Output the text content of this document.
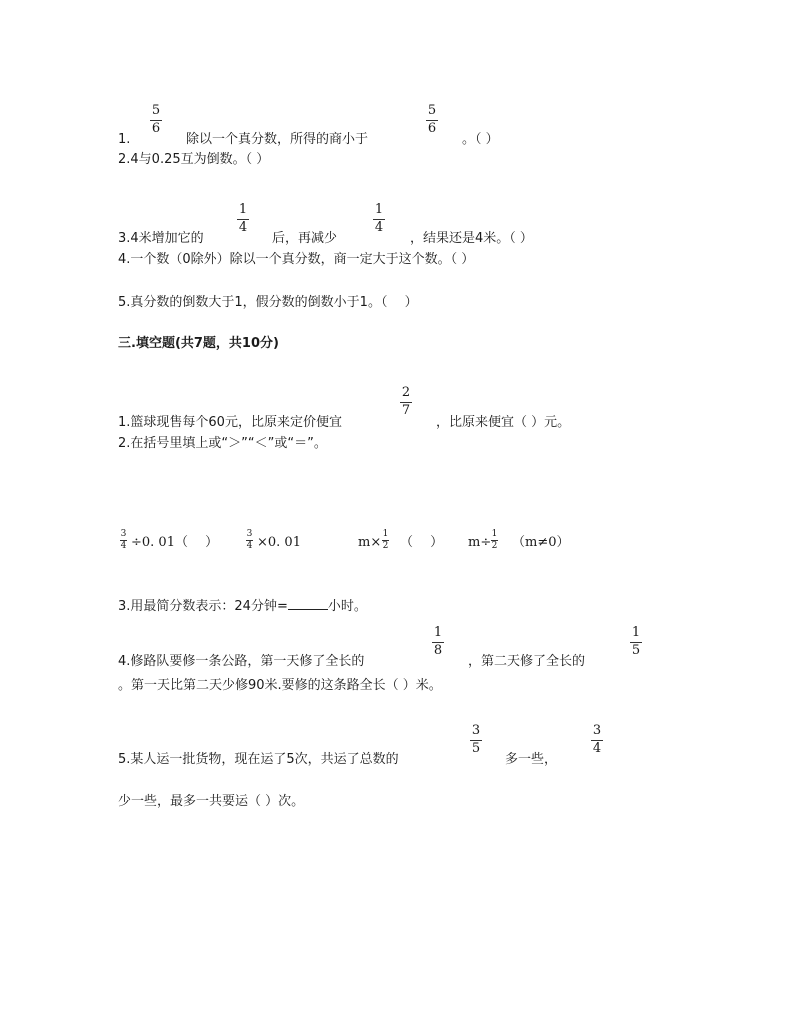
1.
5
6
除以一个真分数，所得的商小于
5
6
。（ ）
2.4与0.25互为倒数。（ ）
3.4米增加它的
1
4
后，再减少
1
4
，结果还是4米。（ ）
4.一个数（0除外）除以一个真分数，商一定大于这个数。（ ）
5.真分数的倒数大于1，假分数的倒数小于1。（　 ）
三.填空题(共7题，共10分)
1.篮球现售每个60元，比原来定价便宜
2
7
，比原来便宜（ ）元。
2.在括号里填上或“＞”“＜”或“＝”。
3
4 ÷0. 01（　 ）
3
4 ×0. 01	m×
1
2 （　 ） m÷
1
2 （m≠0）
3.用最简分数表示：24分钟=	小时。
4.修路队要修一条公路，第一天修了全长的
1
8
，第二天修了全长的
1
5
。第一天比第二天少修90米.要修的这条路全长（ ）米。
5.某人运一批货物，现在运了5次，共运了总数的
3
5
多一些，
3
4
少一些，最多一共要运（ ）次。
